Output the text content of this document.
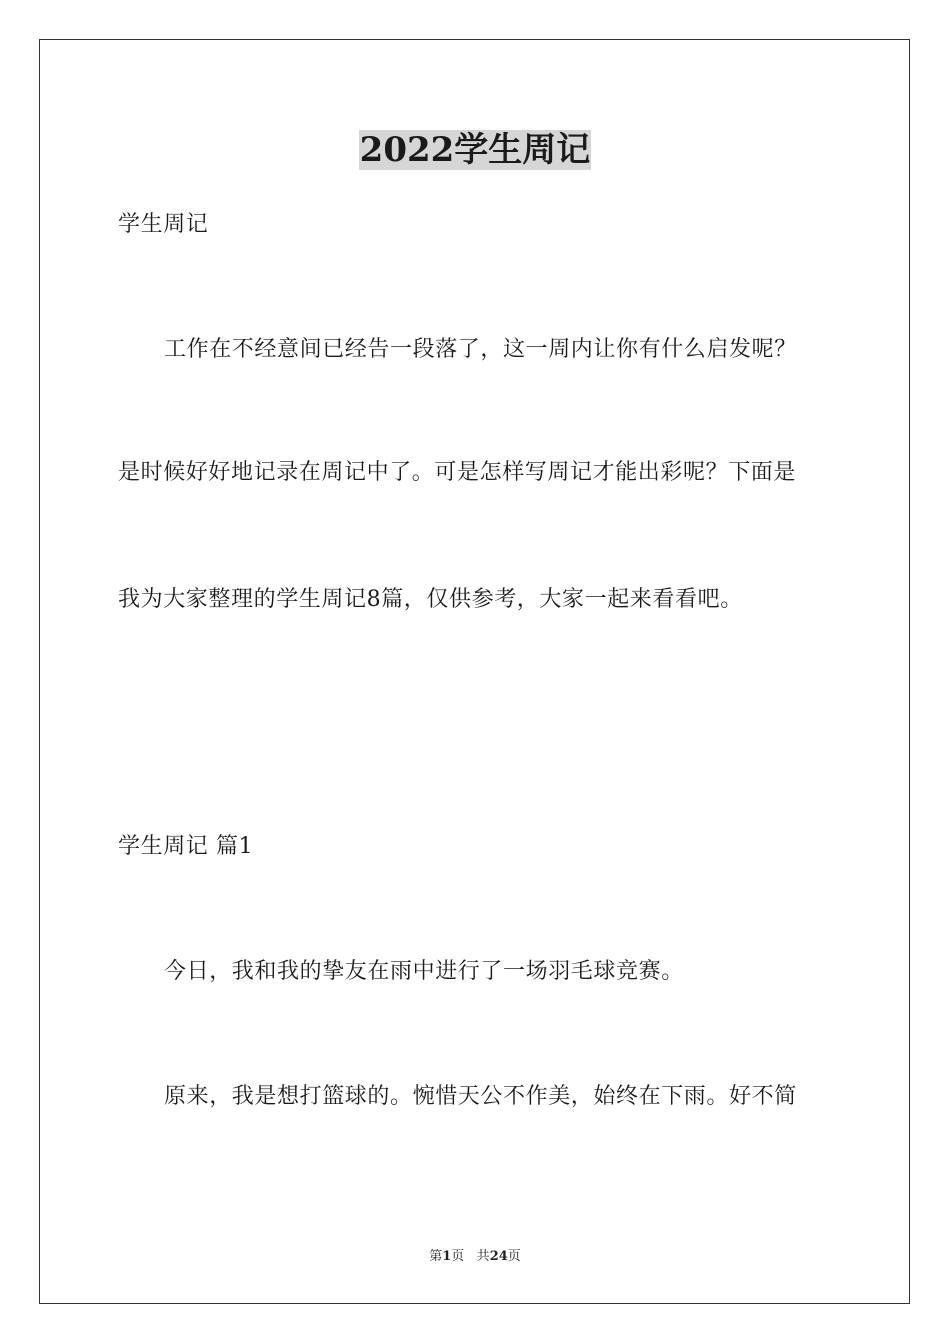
2022学生周记
学生周记
工作在不经意间已经告一段落了，这一周内让你有什么启发呢？
是时候好好地记录在周记中了。可是怎样写周记才能出彩呢？下面是
我为大家整理的学生周记8篇，仅供参考，大家一起来看看吧。
学生周记 篇1
今日，我和我的挚友在雨中进行了一场羽毛球竞赛。
原来，我是想打篮球的。惋惜天公不作美，始终在下雨。好不简
第1页 共24页
